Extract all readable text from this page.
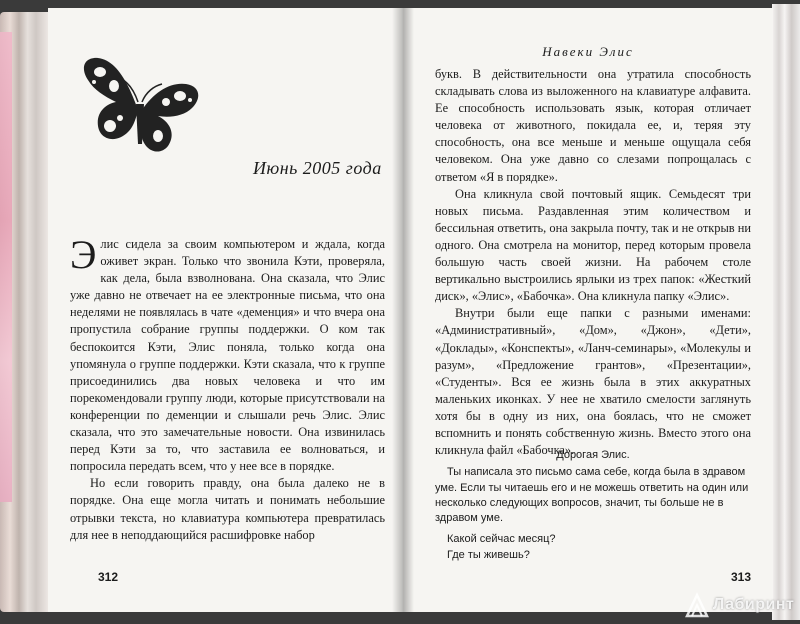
Июнь 2005 года

Элис сидела за своим компьютером и ждала, когда оживет экран. Только что звонила Кэти, проверяла, как дела, была взволнована. Она сказала, что Элис уже давно не отвечает на ее электронные письма, что она неделями не появлялась в чате «деменция» и что вчера она пропустила собрание группы поддержки. О ком так беспокоится Кэти, Элис поняла, только когда она упомянула о группе поддержки. Кэти сказала, что к группе присоединились два новых человека и что им порекомендовали группу люди, которые присутствовали на конференции по деменции и слышали речь Элис. Элис сказала, что это замечательные новости. Она извинилась перед Кэти за то, что заставила ее волноваться, и попросила передать всем, что у нее все в порядке.

Но если говорить правду, она была далеко не в порядке. Она еще могла читать и понимать небольшие отрывки текста, но клавиатура компьютера превратилась для нее в неподдающийся расшифровке набор

312
Навеки Элис

букв. В действительности она утратила способность складывать слова из выложенного на клавиатуре алфавита. Ее способность использовать язык, которая отличает человека от животного, покидала ее, и, теряя эту способность, она все меньше и меньше ощущала себя человеком. Она уже давно со слезами попрощалась с ответом «Я в порядке».

Она кликнула свой почтовый ящик. Семьдесят три новых письма. Раздавленная этим количеством и бессильная ответить, она закрыла почту, так и не открыв ни одного. Она смотрела на монитор, перед которым провела большую часть своей жизни. На рабочем столе вертикально выстроились ярлыки из трех папок: «Жесткий диск», «Элис», «Бабочка». Она кликнула папку «Элис».

Внутри были еще папки с разными именами: «Административный», «Дом», «Джон», «Дети», «Доклады», «Конспекты», «Ланч-семинары», «Молекулы и разум», «Предложение грантов», «Презентации», «Студенты». Вся ее жизнь была в этих аккуратных маленьких иконках. У нее не хватило смелости заглянуть хотя бы в одну из них, она боялась, что не сможет вспомнить и понять собственную жизнь. Вместо этого она кликнула файл «Бабочка».

Дорогая Элис.

Ты написала это письмо сама себе, когда была в здравом уме. Если ты читаешь его и не можешь ответить на один или несколько следующих вопросов, значит, ты больше не в здравом уме.

Какой сейчас месяц?

Где ты живешь?

313
Лабиринт
